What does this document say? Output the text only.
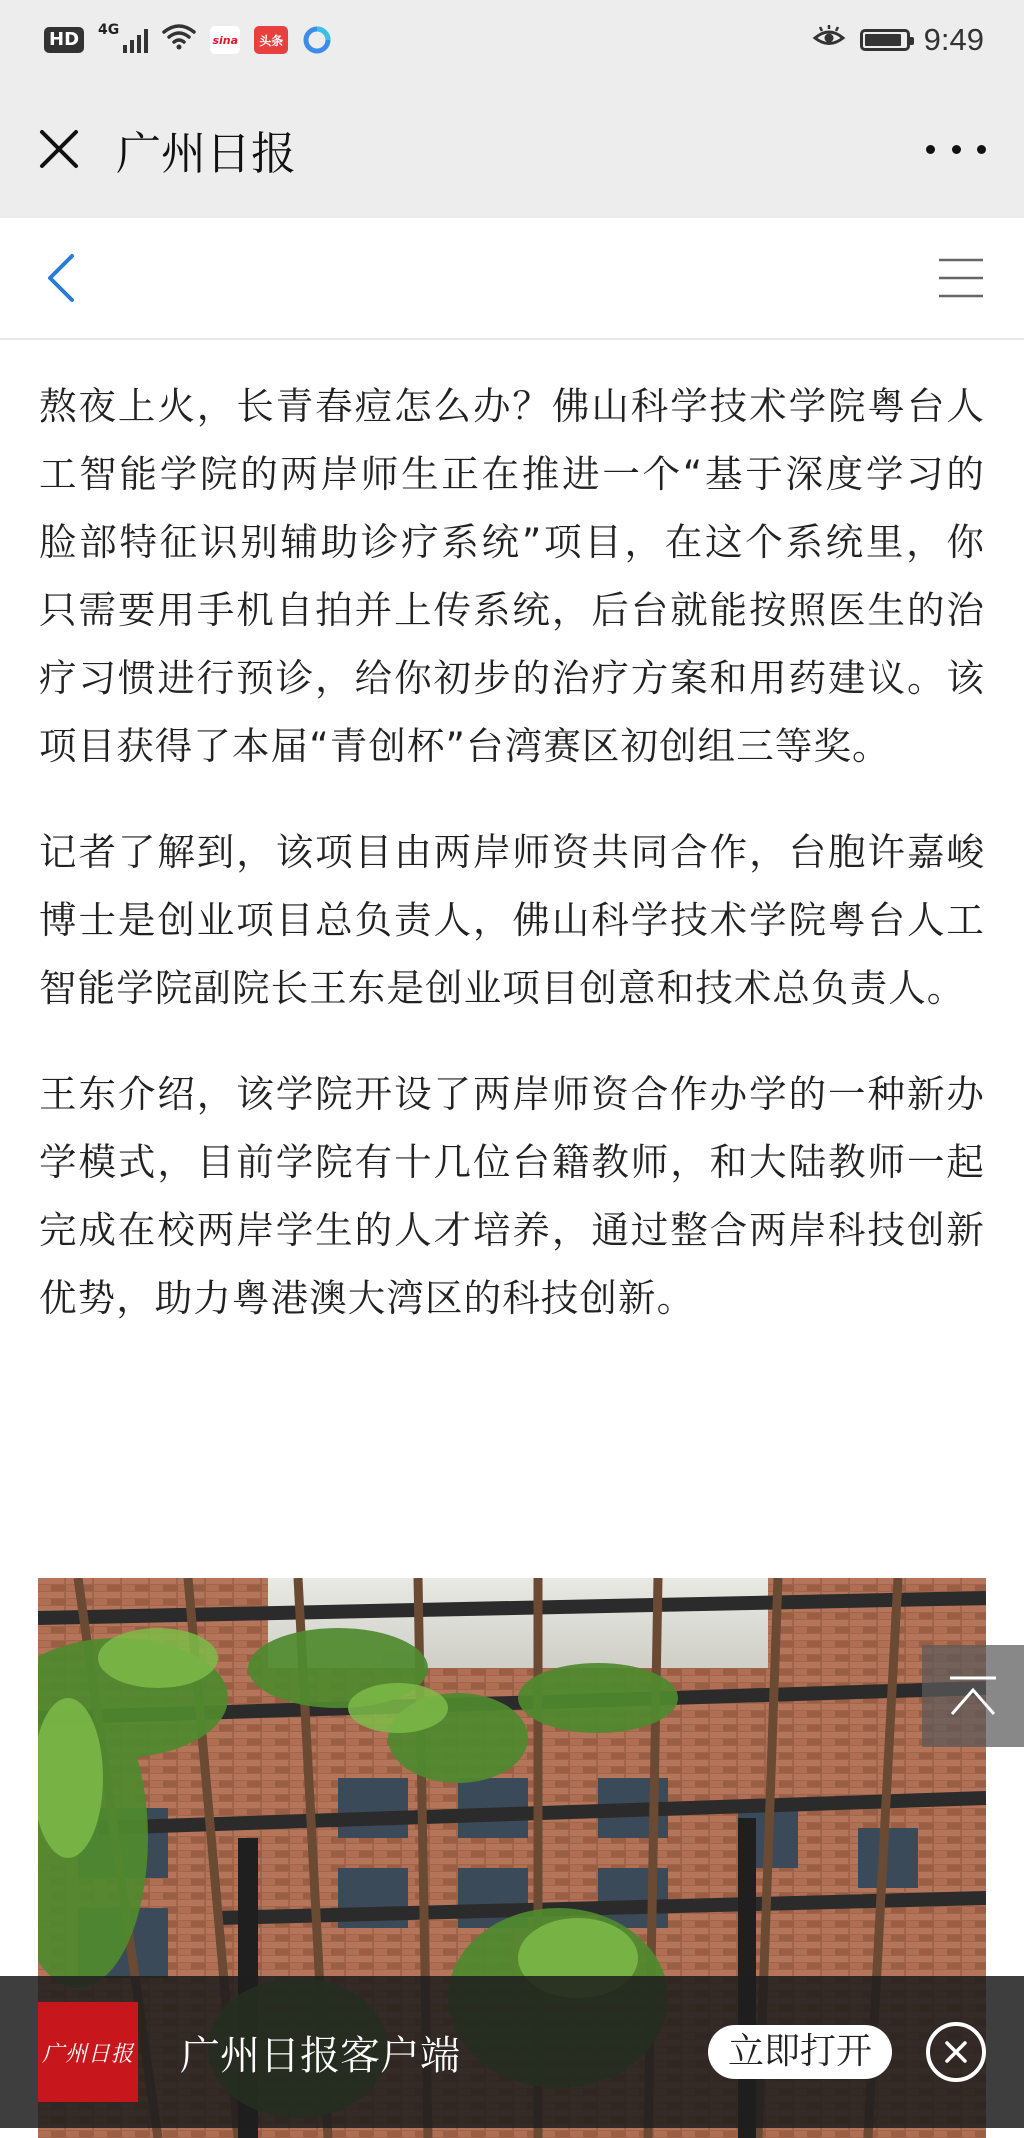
HD	4G
sina	头条	9:49
广州日报

熬夜上火，长青春痘怎么办？佛山科学技术学院粤台人工智能学院的两岸师生正在推进一个“基于深度学习的脸部特征识别辅助诊疗系统”项目，在这个系统里，你只需要用手机自拍并上传系统，后台就能按照医生的治疗习惯进行预诊，给你初步的治疗方案和用药建议。该项目获得了本届“青创杯”台湾赛区初创组三等奖。

记者了解到，该项目由两岸师资共同合作，台胞许嘉峻博士是创业项目总负责人，佛山科学技术学院粤台人工智能学院副院长王东是创业项目创意和技术总负责人。

王东介绍，该学院开设了两岸师资合作办学的一种新办学模式，目前学院有十几位台籍教师，和大陆教师一起完成在校两岸学生的人才培养，通过整合两岸科技创新优势，助力粤港澳大湾区的科技创新。

广州日报 广州日报客户端	立即打开
